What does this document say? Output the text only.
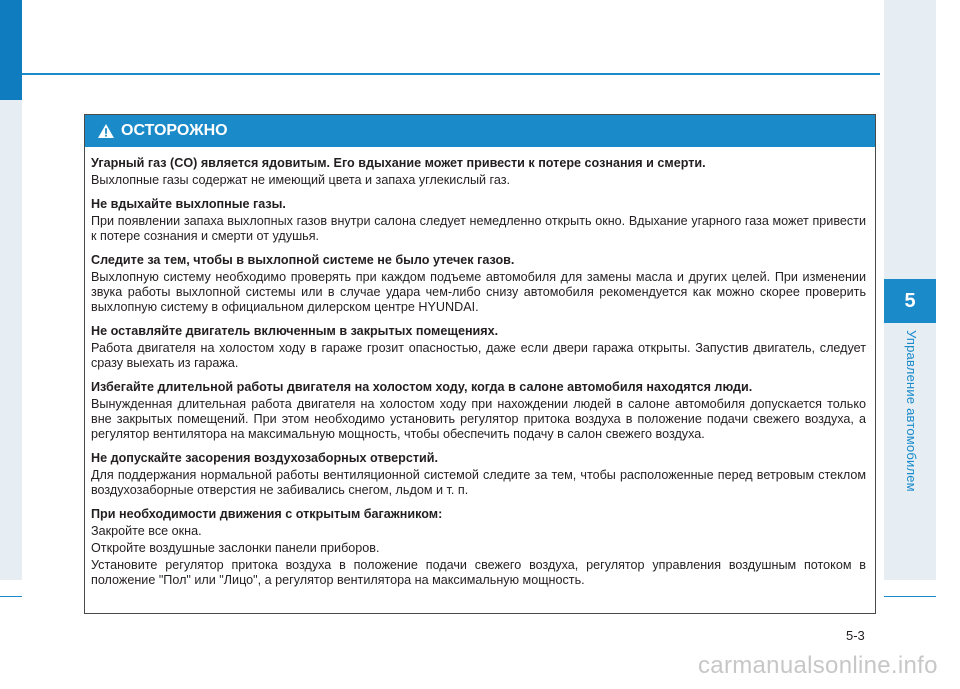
5
Управление автомобилем
ОСТОРОЖНО

Угарный газ (CO) является ядовитым. Его вдыхание может привести к потере сознания и смерти.

Выхлопные газы содержат не имеющий цвета и запаха углекислый газ.

Не вдыхайте выхлопные газы.

При появлении запаха выхлопных газов внутри салона следует немедленно открыть окно. Вдыхание угарного газа может привести к потере сознания и смерти от удушья.

Следите за тем, чтобы в выхлопной системе не было утечек газов.

Выхлопную систему необходимо проверять при каждом подъеме автомобиля для замены масла и других целей. При изменении звука работы выхлопной системы или в случае удара чем-либо снизу автомобиля рекомендуется как можно скорее проверить выхлопную систему в официальном дилерском центре HYUNDAI.

Не оставляйте двигатель включенным в закрытых помещениях.

Работа двигателя на холостом ходу в гараже грозит опасностью, даже если двери гаража открыты. Запустив двигатель, следует сразу выехать из гаража.

Избегайте длительной работы двигателя на холостом ходу, когда в салоне автомобиля находятся люди.

Вынужденная длительная работа двигателя на холостом ходу при нахождении людей в салоне автомобиля допускается только вне закрытых помещений. При этом необходимо установить регулятор притока воздуха в положение подачи свежего воздуха, а регулятор вентилятора на максимальную мощность, чтобы обеспечить подачу в салон свежего воздуха.

Не допускайте засорения воздухозаборных отверстий.

Для поддержания нормальной работы вентиляционной системой следите за тем, чтобы расположенные перед ветровым стеклом воздухозаборные отверстия не забивались снегом, льдом и т. п.

При необходимости движения с открытым багажником:

Закройте все окна.

Откройте воздушные заслонки панели приборов.

Установите регулятор притока воздуха в положение подачи свежего воздуха, регулятор управления воздушным потоком в положение "Пол" или "Лицо", а регулятор вентилятора на максимальную мощность.

5-3
carmanualsonline.info
